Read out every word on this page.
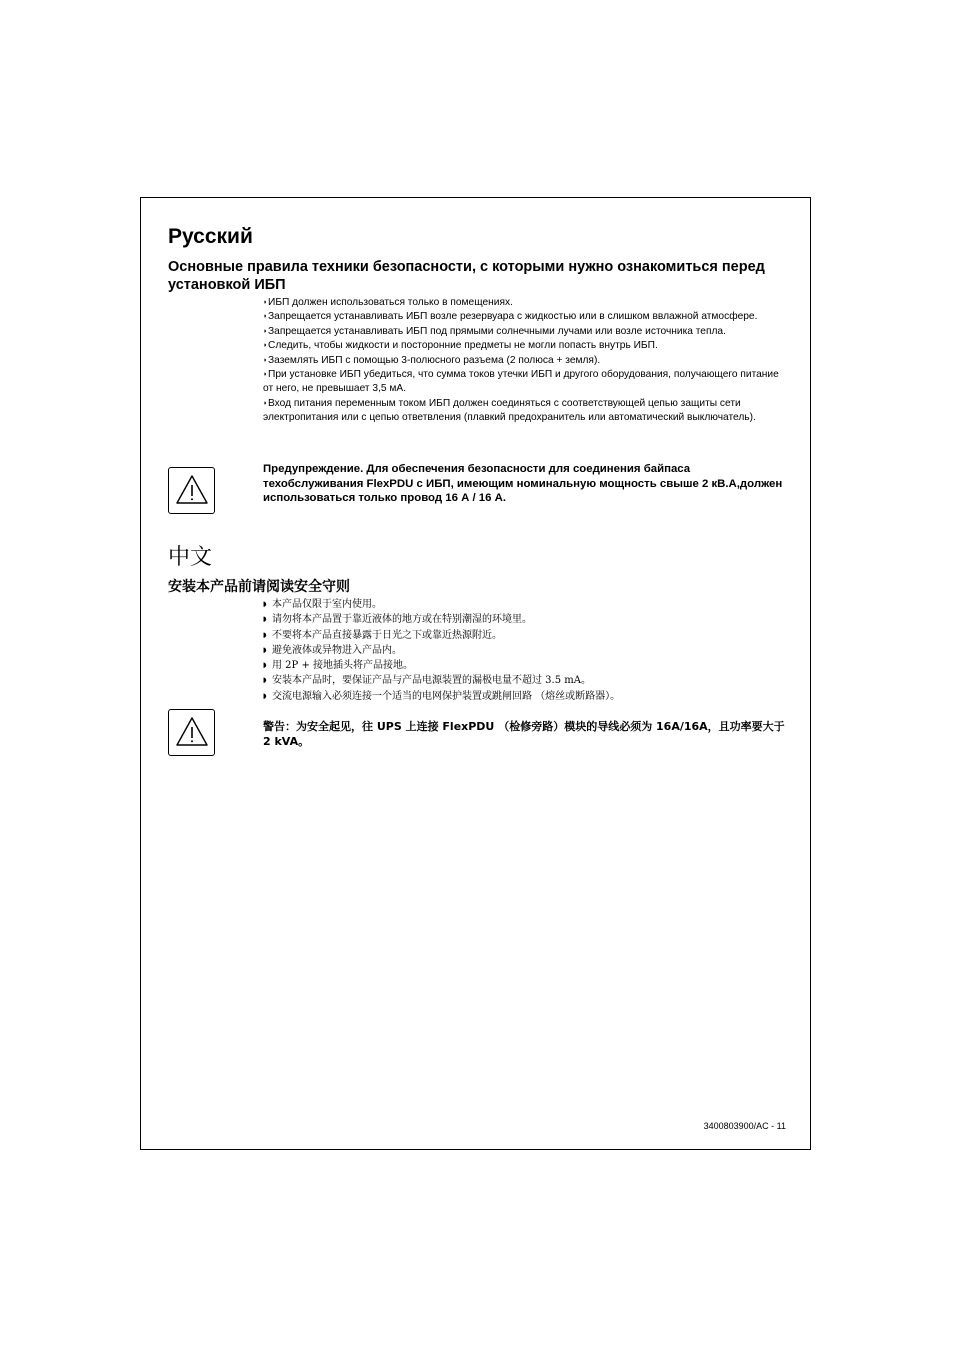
Русский
Основные правила техники безопасности, с которыми нужно ознакомиться перед установкой ИБП
◗ИБП должен использоваться только в помещениях.
◗Запрещается устанавливать ИБП возле резервуара с жидкостью или в слишком ввлажной атмосфере.
◗Запрещается устанавливать ИБП под прямыми солнечными лучами или возле источника тепла.
◗Следить, чтобы жидкости и посторонние предметы не могли попасть внутрь ИБП.
◗Заземлять ИБП с помощью 3-полюсного разъема (2 полюса + земля).
◗При установке ИБП убедиться, что сумма токов утечки ИБП и другого оборудования, получающего питание от него, не превышает 3,5 мА.
◗Вход питания переменным током ИБП должен соединяться с соответствующей цепью защиты сети электропитания или с цепью ответвления (плавкий предохранитель или автоматический выключатель).

Предупреждение. Для обеспечения безопасности для соединения байпаса техобслуживания FlexPDU с ИБП, имеющим номинальную мощность свыше 2 кВ.А,должен использоваться только провод 16 А / 16 А.

中文
安装本产品前请阅读安全守则
◗ 本产品仅限于室内使用。
◗ 请勿将本产品置于靠近液体的地方或在特别潮湿的环境里。
◗ 不要将本产品直接暴露于日光之下或靠近热源附近。
◗ 避免液体或异物进入产品内。
◗ 用 2P + 接地插头将产品接地。
◗ 安装本产品时，要保证产品与产品电源装置的漏极电量不超过 3.5 mA。
◗ 交流电源输入必须连接一个适当的电网保护装置或跳闸回路 （熔丝或断路器）。

警告：为安全起见，往 UPS 上连接 FlexPDU （检修旁路）模块的导线必须为 16A/16A，且功率要大于 2 kVA。

3400803900/AC - 11
